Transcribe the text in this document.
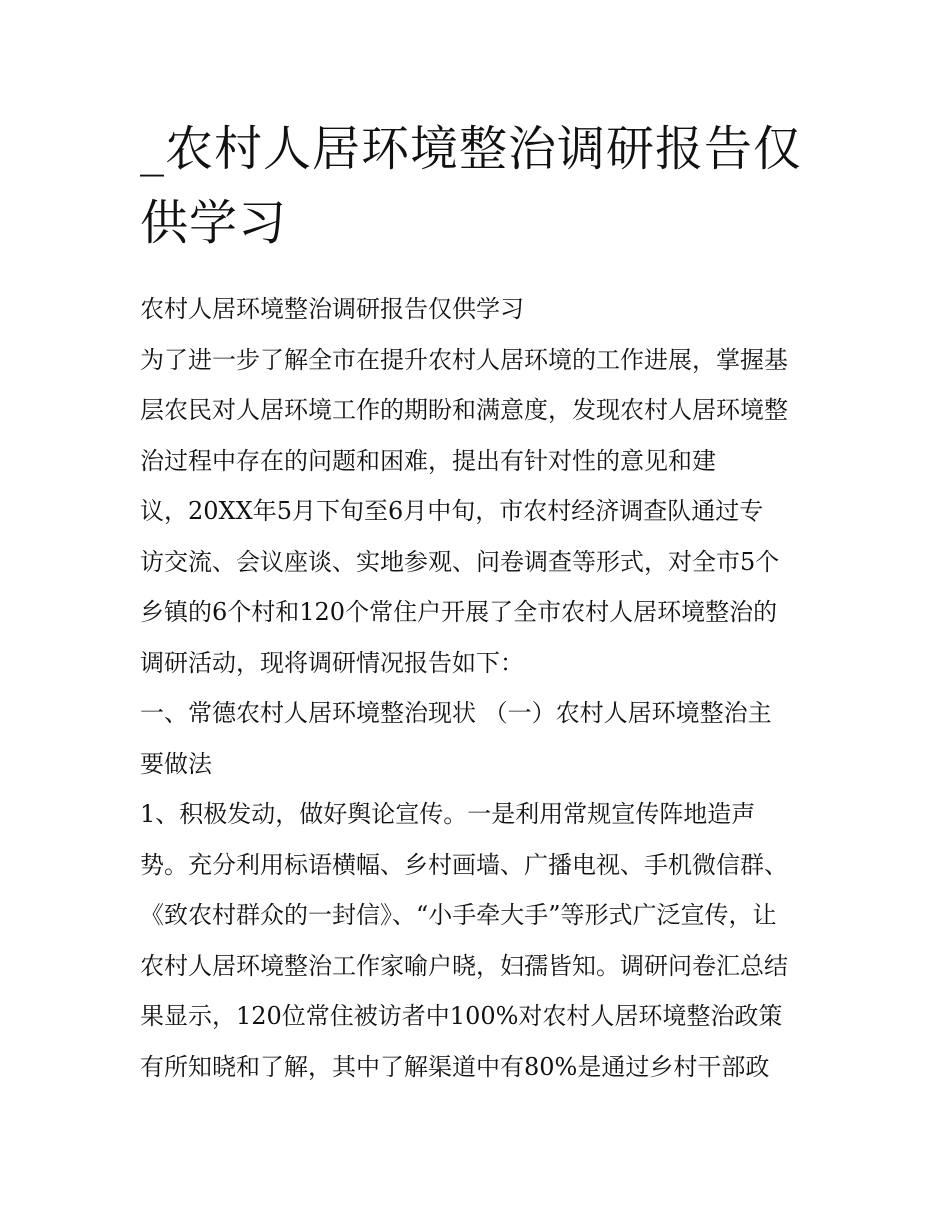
_农村人居环境整治调研报告仅
供学习
农村人居环境整治调研报告仅供学习
为了进一步了解全市在提升农村人居环境的工作进展，掌握基
层农民对人居环境工作的期盼和满意度，发现农村人居环境整
治过程中存在的问题和困难，提出有针对性的意见和建
议，20XX年5月下旬至6月中旬，市农村经济调查队通过专
访交流、会议座谈、实地参观、问卷调查等形式，对全市5个
乡镇的6个村和120个常住户开展了全市农村人居环境整治的
调研活动，现将调研情况报告如下：
一、常德农村人居环境整治现状 （一）农村人居环境整治主
要做法
1、积极发动，做好舆论宣传。一是利用常规宣传阵地造声
势。充分利用标语横幅、乡村画墙、广播电视、手机微信群、
《致农村群众的一封信》、“小手牵大手”等形式广泛宣传，让
农村人居环境整治工作家喻户晓，妇孺皆知。调研问卷汇总结
果显示，120位常住被访者中100%对农村人居环境整治政策
有所知晓和了解，其中了解渠道中有80%是通过乡村干部政
